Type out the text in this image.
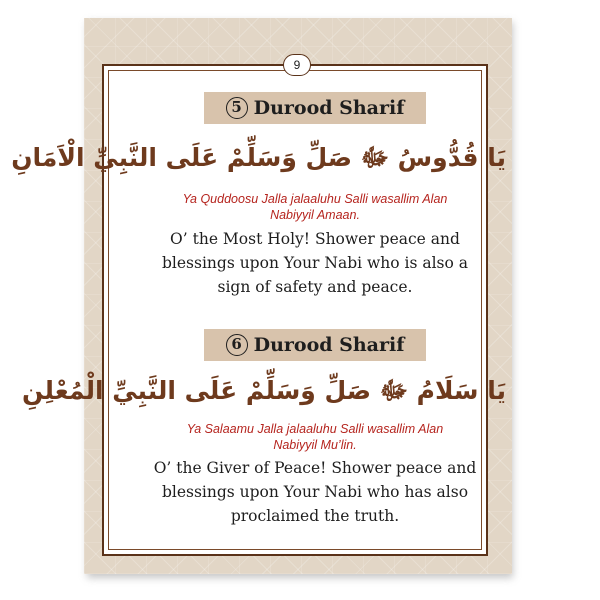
9
5 Durood Sharif
يَا قُدُّوسُ ﷻ صَلِّ وَسَلِّمْ عَلَى النَّبِيِّ الْاَمَانِ
Ya Quddoosu Jalla jalaaluhu Salli wasallim Alan Nabiyyil Amaan.
O’ the Most Holy! Shower peace and blessings upon Your Nabi who is also a sign of safety and peace.
6 Durood Sharif
يَا سَلَامُ ﷻ صَلِّ وَسَلِّمْ عَلَى النَّبِيِّ الْمُعْلِنِ
Ya Salaamu Jalla jalaaluhu Salli wasallim Alan Nabiyyil Mu’lin.
O’ the Giver of Peace! Shower peace and blessings upon Your Nabi who has also proclaimed the truth.
